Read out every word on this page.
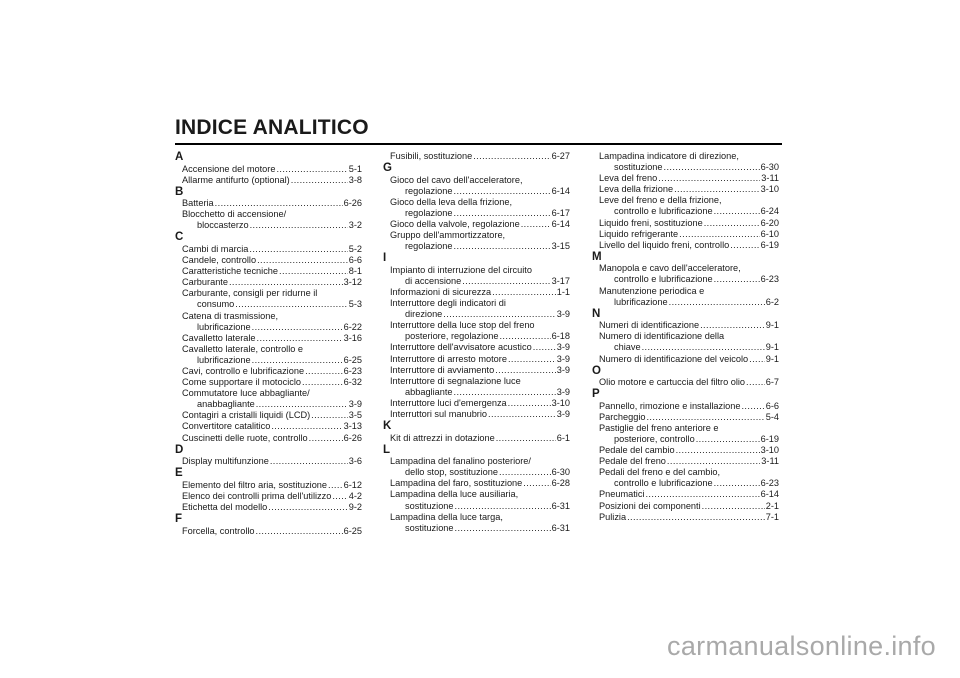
INDICE ANALITICO
A
Accensione del motore .....	5-1
Allarme antifurto (optional) .....	3-8
B
Batteria .....	6-26
Blocchetto di accensione/
bloccasterzo .....	3-2
C
Cambi di marcia .....	5-2
Candele, controllo .....	6-6
Caratteristiche tecniche .....	8-1
Carburante .....	3-12
Carburante, consigli per ridurne il
consumo .....	5-3
Catena di trasmissione,
lubrificazione .....	6-22
Cavalletto laterale .....	3-16
Cavalletto laterale, controllo e
lubrificazione .....	6-25
Cavi, controllo e lubrificazione .....	6-23
Come supportare il motociclo .....	6-32
Commutatore luce abbagliante/
anabbagliante .....	3-9
Contagiri a cristalli liquidi (LCD) .....	3-5
Convertitore catalitico .....	3-13
Cuscinetti delle ruote, controllo .....	6-26
D
Display multifunzione .....	3-6
E
Elemento del filtro aria, sostituzione ..... 6-12
Elenco dei controlli prima dell'utilizzo ..... 4-2
Etichetta del modello .....	9-2
F
Forcella, controllo .....	6-25
Fusibili, sostituzione .....	6-27
G
Gioco del cavo dell'acceleratore,
regolazione .....	6-14
Gioco della leva della frizione,
regolazione .....	6-17
Gioco della valvole, regolazione .....	6-14
Gruppo dell'ammortizzatore,
regolazione .....	3-15
I
Impianto di interruzione del circuito
di accensione .....	3-17
Informazioni di sicurezza .....	1-1
Interruttore degli indicatori di
direzione .....	3-9
Interruttore della luce stop del freno
posteriore, regolazione .....	6-18
Interruttore dell'avvisatore acustico .....	3-9
Interruttore di arresto motore .....	3-9
Interruttore di avviamento .....	3-9
Interruttore di segnalazione luce
abbagliante .....	3-9
Interruttore luci d'emergenza .....	3-10
Interruttori sul manubrio .....	3-9
K
Kit di attrezzi in dotazione .....	6-1
L
Lampadina del fanalino posteriore/
dello stop, sostituzione .....	6-30
Lampadina del faro, sostituzione .....	6-28
Lampadina della luce ausiliaria,
sostituzione .....	6-31
Lampadina della luce targa,
sostituzione .....	6-31
Lampadina indicatore di direzione,
sostituzione .....	6-30
Leva del freno .....	3-11
Leva della frizione .....	3-10
Leve del freno e della frizione,
controllo e lubrificazione .....	6-24
Liquido freni, sostituzione .....	6-20
Liquido refrigerante .....	6-10
Livello del liquido freni, controllo .....	6-19
M
Manopola e cavo dell'acceleratore,
controllo e lubrificazione .....	6-23
Manutenzione periodica e
lubrificazione .....	6-2
N
Numeri di identificazione .....	9-1
Numero di identificazione della
chiave .....	9-1
Numero di identificazione del veicolo ..... 9-1
O
Olio motore e cartuccia del filtro olio ..... 6-7
P
Pannello, rimozione e installazione .....	6-6
Parcheggio .....	5-4
Pastiglie del freno anteriore e
posteriore, controllo .....	6-19
Pedale del cambio .....	3-10
Pedale del freno .....	3-11
Pedali del freno e del cambio,
controllo e lubrificazione .....	6-23
Pneumatici .....	6-14
Posizioni dei componenti .....	2-1
Pulizia .....	7-1
carmanualsonline.info
